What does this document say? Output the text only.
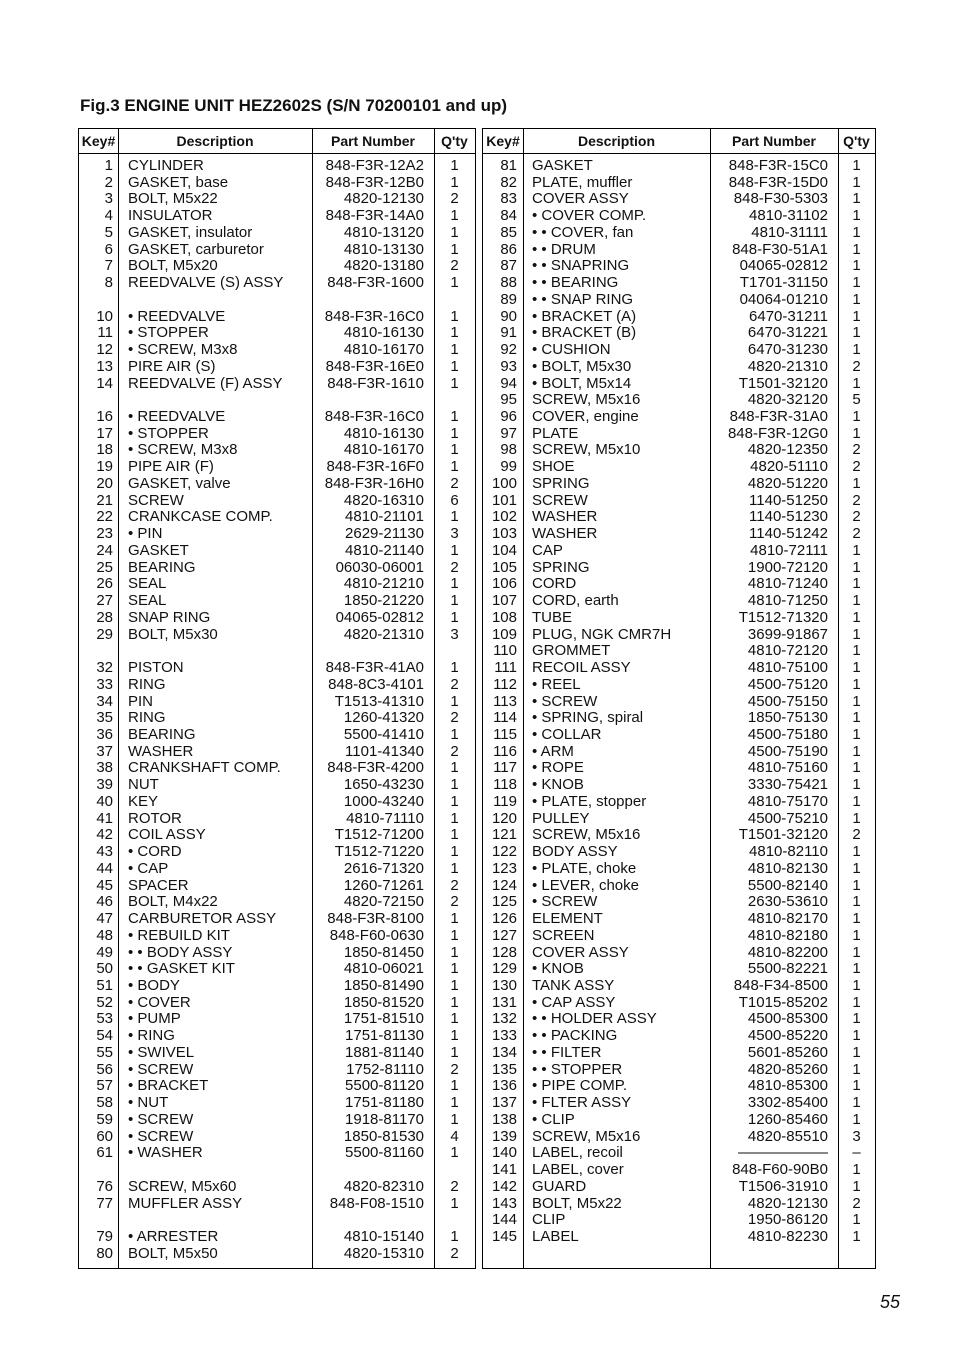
Fig.3 ENGINE UNIT HEZ2602S (S/N 70200101 and up)
Key#	Description	Part Number	Q'ty
1 CYLINDER	848-F3R-12A2	1
2 GASKET, base	848-F3R-12B0	1
3 BOLT, M5x22	4820-12130	2
4 INSULATOR	848-F3R-14A0	1
5 GASKET, insulator	4810-13120	1
6 GASKET, carburetor	4810-13130	1
7 BOLT, M5x20	4820-13180	2
8 REEDVALVE (S) ASSY	848-F3R-1600	1
10 • REEDVALVE	848-F3R-16C0	1
11 • STOPPER	4810-16130	1
12 • SCREW, M3x8	4810-16170	1
13 PIRE AIR (S)	848-F3R-16E0	1
14 REEDVALVE (F) ASSY	848-F3R-1610	1
16 • REEDVALVE	848-F3R-16C0	1
17 • STOPPER	4810-16130	1
18 • SCREW, M3x8	4810-16170	1
19 PIPE AIR (F)	848-F3R-16F0	1
20 GASKET, valve	848-F3R-16H0	2
21 SCREW	4820-16310	6
22 CRANKCASE COMP.	4810-21101	1
23 • PIN	2629-21130	3
24 GASKET	4810-21140	1
25 BEARING	06030-06001	2
26 SEAL	4810-21210	1
27 SEAL	1850-21220	1
28 SNAP RING	04065-02812	1
29 BOLT, M5x30	4820-21310	3
32 PISTON	848-F3R-41A0	1
33 RING	848-8C3-4101	2
34 PIN	T1513-41310	1
35 RING	1260-41320	2
36 BEARING	5500-41410	1
37 WASHER	1101-41340	2
38 CRANKSHAFT COMP.	848-F3R-4200	1
39 NUT	1650-43230	1
40 KEY	1000-43240	1
41 ROTOR	4810-71110	1
42 COIL ASSY	T1512-71200	1
43 • CORD	T1512-71220	1
44 • CAP	2616-71320	1
45 SPACER	1260-71261	2
46 BOLT, M4x22	4820-72150	2
47 CARBURETOR ASSY	848-F3R-8100	1
48 • REBUILD KIT	848-F60-0630	1
49 • • BODY ASSY	1850-81450	1
50 • • GASKET KIT	4810-06021	1
51 • BODY	1850-81490	1
52 • COVER	1850-81520	1
53 • PUMP	1751-81510	1
54 • RING	1751-81130	1
55 • SWIVEL	1881-81140	1
56 • SCREW	1752-81110	2
57 • BRACKET	5500-81120	1
58 • NUT	1751-81180	1
59 • SCREW	1918-81170	1
60 • SCREW	1850-81530	4
61 • WASHER	5500-81160	1
76 SCREW, M5x60	4820-82310	2
77 MUFFLER ASSY	848-F08-1510	1
79 • ARRESTER	4810-15140	1
80 BOLT, M5x50	4820-15310	2
Key#	Description	Part Number	Q'ty
81 GASKET	848-F3R-15C0	1
82 PLATE, muffler	848-F3R-15D0	1
83 COVER ASSY	848-F30-5303	1
84 • COVER COMP.	4810-31102	1
85 • • COVER, fan	4810-31111	1
86 • • DRUM	848-F30-51A1	1
87 • • SNAPRING	04065-02812	1
88 • • BEARING	T1701-31150	1
89 • • SNAP RING	04064-01210	1
90 • BRACKET (A)	6470-31211	1
91 • BRACKET (B)	6470-31221	1
92 • CUSHION	6470-31230	1
93 • BOLT, M5x30	4820-21310	2
94 • BOLT, M5x14	T1501-32120	1
95 SCREW, M5x16	4820-32120	5
96 COVER, engine	848-F3R-31A0	1
97 PLATE	848-F3R-12G0	1
98 SCREW, M5x10	4820-12350	2
99 SHOE	4820-51110	2
100 SPRING	4820-51220	1
101 SCREW	1140-51250	2
102 WASHER	1140-51230	2
103 WASHER	1140-51242	2
104 CAP	4810-72111	1
105 SPRING	1900-72120	1
106 CORD	4810-71240	1
107 CORD, earth	4810-71250	1
108 TUBE	T1512-71320	1
109 PLUG, NGK CMR7H	3699-91867	1
110 GROMMET	4810-72120	1
111 RECOIL ASSY	4810-75100	1
112 • REEL	4500-75120	1
113 • SCREW	4500-75150	1
114 • SPRING, spiral	1850-75130	1
115 • COLLAR	4500-75180	1
116 • ARM	4500-75190	1
117 • ROPE	4810-75160	1
118 • KNOB	3330-75421	1
119 • PLATE, stopper	4810-75170	1
120 PULLEY	4500-75210	1
121 SCREW, M5x16	T1501-32120	2
122 BODY ASSY	4810-82110	1
123 • PLATE, choke	4810-82130	1
124 • LEVER, choke	5500-82140	1
125 • SCREW	2630-53610	1
126 ELEMENT	4810-82170	1
127 SCREEN	4810-82180	1
128 COVER ASSY	4810-82200	1
129 • KNOB	5500-82221	1
130 TANK ASSY	848-F34-8500	1
131 • CAP ASSY	T1015-85202	1
132 • • HOLDER ASSY	4500-85300	1
133 • • PACKING	4500-85220	1
134 • • FILTER	5601-85260	1
135 • • STOPPER	4820-85260	1
136 • PIPE COMP.	4810-85300	1
137 • FLTER ASSY	3302-85400	1
138 • CLIP	1260-85460	1
139 SCREW, M5x16	4820-85510	3
140 LABEL, recoil	——————	–
141 LABEL, cover	848-F60-90B0	1
142 GUARD	T1506-31910	1
143 BOLT, M5x22	4820-12130	2
144 CLIP	1950-86120	1
145 LABEL	4810-82230	1
55
